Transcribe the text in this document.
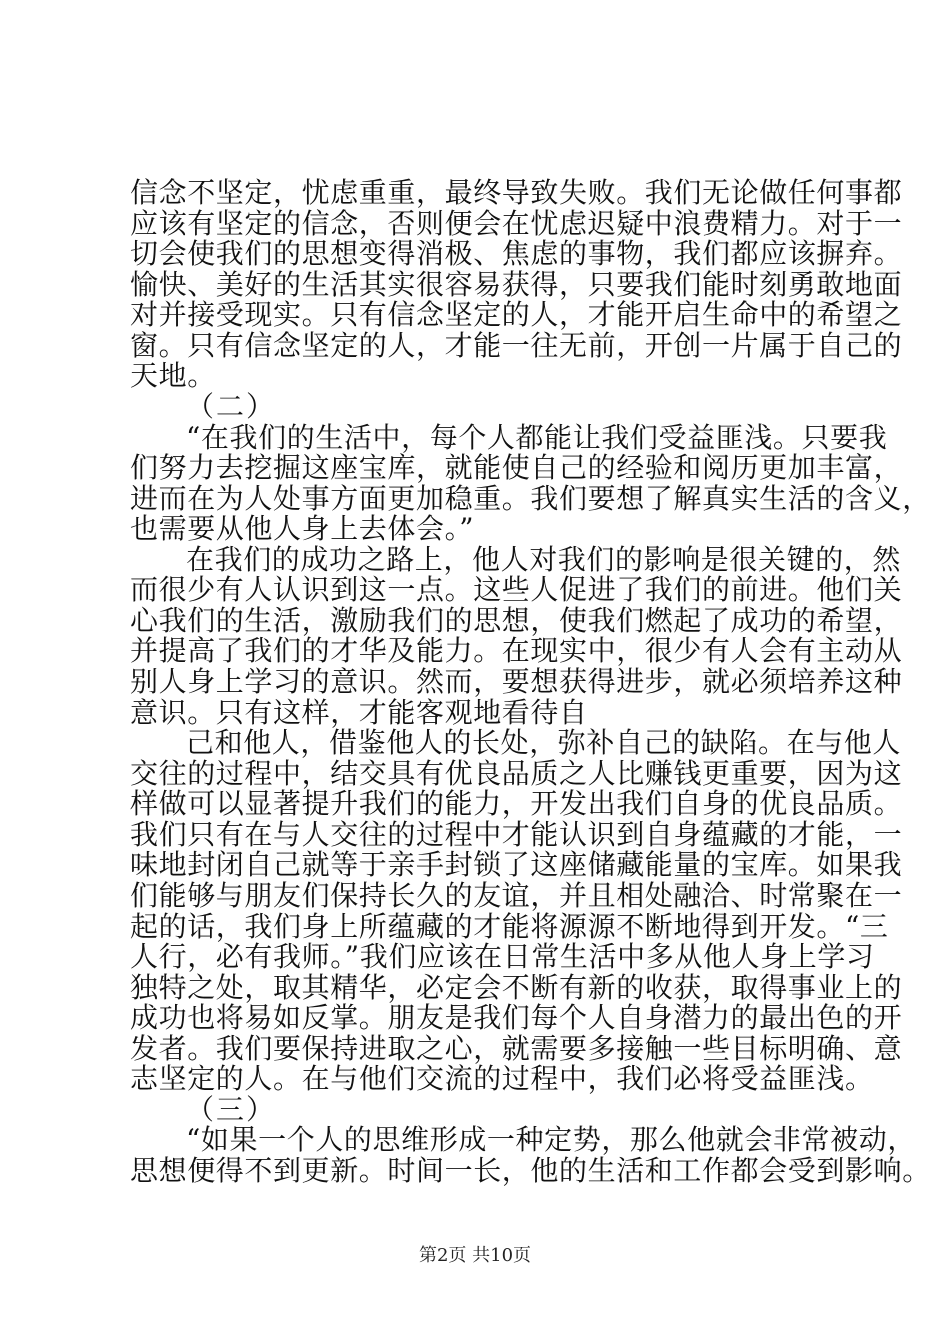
信念不坚定，忧虑重重，最终导致失败。我们无论做任何事都
应该有坚定的信念，否则便会在忧虑迟疑中浪费精力。对于一
切会使我们的思想变得消极、焦虑的事物，我们都应该摒弃。
愉快、美好的生活其实很容易获得，只要我们能时刻勇敢地面
对并接受现实。只有信念坚定的人，才能开启生命中的希望之
窗。只有信念坚定的人，才能一往无前，开创一片属于自己的
天地。
（二）
“在我们的生活中，每个人都能让我们受益匪浅。只要我
们努力去挖掘这座宝库，就能使自己的经验和阅历更加丰富，
进而在为人处事方面更加稳重。我们要想了解真实生活的含义，
也需要从他人身上去体会。”
在我们的成功之路上，他人对我们的影响是很关键的，然
而很少有人认识到这一点。这些人促进了我们的前进。他们关
心我们的生活，激励我们的思想，使我们燃起了成功的希望，
并提高了我们的才华及能力。在现实中，很少有人会有主动从
别人身上学习的意识。然而，要想获得进步，就必须培养这种
意识。只有这样，才能客观地看待自
己和他人，借鉴他人的长处，弥补自己的缺陷。在与他人
交往的过程中，结交具有优良品质之人比赚钱更重要，因为这
样做可以显著提升我们的能力，开发出我们自身的优良品质。
我们只有在与人交往的过程中才能认识到自身蕴藏的才能，一
味地封闭自己就等于亲手封锁了这座储藏能量的宝库。如果我
们能够与朋友们保持长久的友谊，并且相处融洽、时常聚在一
起的话，我们身上所蕴藏的才能将源源不断地得到开发。“三
人行，必有我师。”我们应该在日常生活中多从他人身上学习
独特之处，取其精华，必定会不断有新的收获，取得事业上的
成功也将易如反掌。朋友是我们每个人自身潜力的最出色的开
发者。我们要保持进取之心，就需要多接触一些目标明确、意
志坚定的人。在与他们交流的过程中，我们必将受益匪浅。
（三）
“如果一个人的思维形成一种定势，那么他就会非常被动，
思想便得不到更新。时间一长，他的生活和工作都会受到影响。
第2页 共10页
